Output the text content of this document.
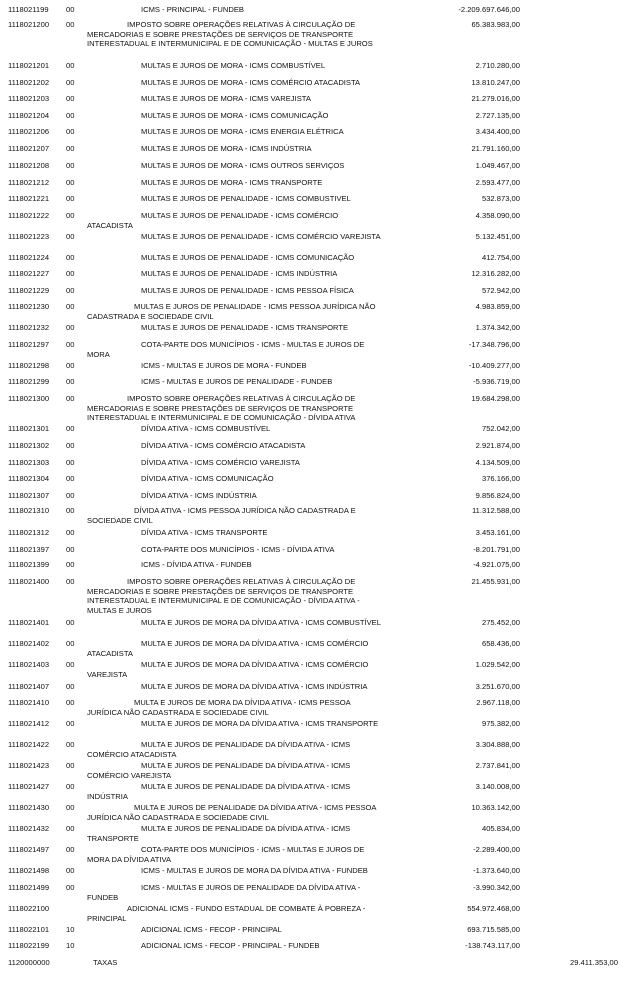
1118021199 00	ICMS - PRINCIPAL - FUNDEB	-2.209.697.646,00
1118021200 00	IMPOSTO SOBRE OPERAÇÕES RELATIVAS À CIRCULAÇÃO DE MERCADORIAS E SOBRE PRESTAÇÕES DE SERVIÇOS DE TRANSPORTE INTERESTADUAL E INTERMUNICIPAL E DE COMUNICAÇÃO - MULTAS E JUROS
65.383.983,00
1118021201 00	MULTAS E JUROS DE MORA - ICMS COMBUSTÍVEL	2.710.280,00
1118021202 00	MULTAS E JUROS DE MORA - ICMS COMÉRCIO ATACADISTA	13.810.247,00
1118021203 00	MULTAS E JUROS DE MORA - ICMS VAREJISTA	21.279.016,00
1118021204 00	MULTAS E JUROS DE MORA - ICMS COMUNICAÇÃO	2.727.135,00
1118021206 00	MULTAS E JUROS DE MORA - ICMS ENERGIA ELÉTRICA	3.434.400,00
1118021207 00	MULTAS E JUROS DE MORA - ICMS INDÚSTRIA	21.791.160,00
1118021208 00	MULTAS E JUROS DE MORA - ICMS OUTROS SERVIÇOS	1.049.467,00
1118021212 00	MULTAS E JUROS DE MORA - ICMS TRANSPORTE	2.593.477,00
1118021221 00	MULTAS E JUROS DE PENALIDADE - ICMS COMBUSTIVEL	532.873,00
1118021222 00	MULTAS E JUROS DE PENALIDADE - ICMS COMÉRCIO ATACADISTA
4.358.090,00
1118021223 00	MULTAS E JUROS DE PENALIDADE - ICMS COMÉRCIO VAREJISTA	5.132.451,00
1118021224 00	MULTAS E JUROS DE PENALIDADE - ICMS COMUNICAÇÃO	412.754,00
1118021227 00	MULTAS E JUROS DE PENALIDADE - ICMS INDÚSTRIA	12.316.282,00
1118021229 00	MULTAS E JUROS DE PENALIDADE - ICMS PESSOA FÍSICA	572.942,00
1118021230 00	MULTAS E JUROS DE PENALIDADE - ICMS PESSOA JURÍDICA NÃO CADASTRADA E SOCIEDADE CIVIL
4.983.859,00
1118021232 00	MULTAS E JUROS DE PENALIDADE - ICMS TRANSPORTE	1.374.342,00
1118021297 00	COTA-PARTE DOS MUNICÍPIOS - ICMS - MULTAS E JUROS DE MORA
-17.348.796,00
1118021298 00	ICMS - MULTAS E JUROS DE MORA - FUNDEB	-10.409.277,00
1118021299 00	ICMS - MULTAS E JUROS DE PENALIDADE - FUNDEB	-5.936.719,00
1118021300 00	IMPOSTO SOBRE OPERAÇÕES RELATIVAS À CIRCULAÇÃO DE MERCADORIAS E SOBRE PRESTAÇÕES DE SERVIÇOS DE TRANSPORTE INTERESTADUAL E INTERMUNICIPAL E DE COMUNICAÇÃO - DÍVIDA ATIVA
19.684.298,00
1118021301 00	DÍVIDA ATIVA - ICMS COMBUSTÍVEL	752.042,00
1118021302 00	DÍVIDA ATIVA - ICMS COMÉRCIO ATACADISTA	2.921.874,00
1118021303 00	DÍVIDA ATIVA - ICMS COMÉRCIO VAREJISTA	4.134.509,00
1118021304 00	DÍVIDA ATIVA - ICMS COMUNICAÇÃO	376.166,00
1118021307 00	DÍVIDA ATIVA - ICMS INDÚSTRIA	9.856.824,00
1118021310 00	DÍVIDA ATIVA - ICMS PESSOA JURÍDICA NÃO CADASTRADA E SOCIEDADE CIVIL
11.312.588,00
1118021312 00	DÍVIDA ATIVA - ICMS TRANSPORTE	3.453.161,00
1118021397 00	COTA-PARTE DOS MUNICÍPIOS - ICMS - DÍVIDA ATIVA	-8.201.791,00
1118021399 00	ICMS - DÍVIDA ATIVA - FUNDEB	-4.921.075,00
1118021400 00	IMPOSTO SOBRE OPERAÇÕES RELATIVAS À CIRCULAÇÃO DE MERCADORIAS E SOBRE PRESTAÇÕES DE SERVIÇOS DE TRANSPORTE INTERESTADUAL E INTERMUNICIPAL E DE COMUNICAÇÃO - DÍVIDA ATIVA - MULTAS E JUROS
21.455.931,00
1118021401 00	MULTA E JUROS DE MORA DA DÍVIDA ATIVA - ICMS COMBUSTÍVEL	275.452,00
1118021402 00	MULTA E JUROS DE MORA DA DÍVIDA ATIVA - ICMS COMÉRCIO ATACADISTA
658.436,00
1118021403 00	MULTA E JUROS DE MORA DA DÍVIDA ATIVA - ICMS COMÉRCIO VAREJISTA
1.029.542,00
1118021407 00	MULTA E JUROS DE MORA DA DÍVIDA ATIVA - ICMS INDÚSTRIA	3.251.670,00
1118021410 00	MULTA E JUROS DE MORA DA DÍVIDA ATIVA - ICMS PESSOA JURÍDICA NÃO CADASTRADA E SOCIEDADE CIVIL
2.967.118,00
1118021412 00	MULTA E JUROS DE MORA DA DÍVIDA ATIVA - ICMS TRANSPORTE	975.382,00
1118021422 00	MULTA E JUROS DE PENALIDADE DA DÍVIDA ATIVA - ICMS COMÉRCIO ATACADISTA
3.304.888,00
1118021423 00	MULTA E JUROS DE PENALIDADE DA DÍVIDA ATIVA - ICMS COMÉRCIO VAREJISTA
2.737.841,00
1118021427 00	MULTA E JUROS DE PENALIDADE DA DÍVIDA ATIVA - ICMS INDÚSTRIA
3.140.008,00
1118021430 00	MULTA E JUROS DE PENALIDADE DA DÍVIDA ATIVA - ICMS PESSOA JURÍDICA NÃO CADASTRADA E SOCIEDADE CIVIL
10.363.142,00
1118021432 00	MULTA E JUROS DE PENALIDADE DA DÍVIDA ATIVA - ICMS TRANSPORTE
405.834,00
1118021497 00	COTA-PARTE DOS MUNICÍPIOS - ICMS - MULTAS E JUROS DE MORA DA DÍVIDA ATIVA
-2.289.400,00
1118021498 00	ICMS - MULTAS E JUROS DE MORA DA DÍVIDA ATIVA - FUNDEB	-1.373.640,00
1118021499 00	ICMS - MULTAS E JUROS DE PENALIDADE DA DÍVIDA ATIVA - FUNDEB
-3.990.342,00
1118022100	ADICIONAL ICMS - FUNDO ESTADUAL DE COMBATE À POBREZA - PRINCIPAL
554.972.468,00
1118022101 10	ADICIONAL ICMS - FECOP - PRINCIPAL	693.715.585,00
1118022199 10	ADICIONAL ICMS - FECOP - PRINCIPAL - FUNDEB	-138.743.117,00
1120000000	TAXAS	29.411.353,00
